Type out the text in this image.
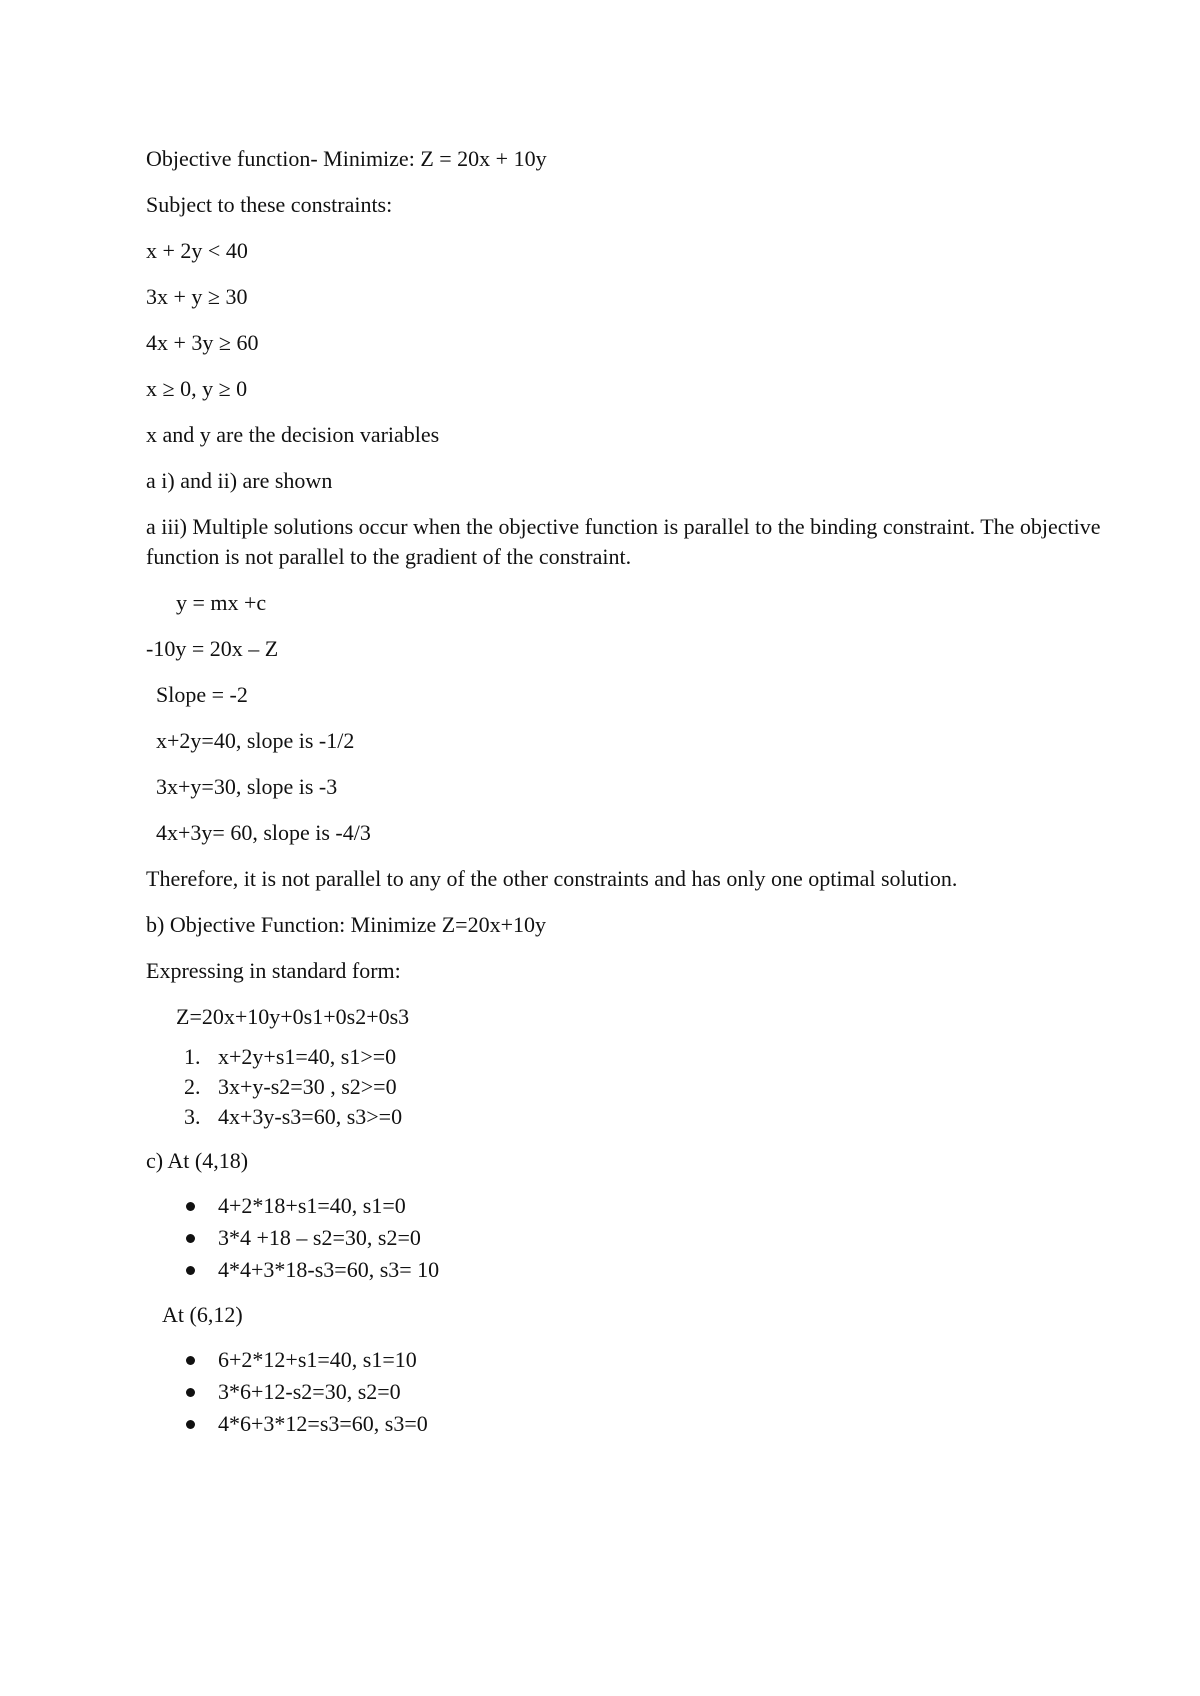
Objective function- Minimize: Z = 20x + 10y

Subject to these constraints:

x + 2y < 40

3x + y ≥ 30

4x + 3y ≥ 60

x ≥ 0, y ≥ 0

x and y are the decision variables

a i) and ii) are shown

a iii) Multiple solutions occur when the objective function is parallel to the binding constraint. The objective function is not parallel to the gradient of the constraint.

y = mx +c

-10y = 20x – Z

Slope = -2

x+2y=40, slope is -1/2

3x+y=30, slope is -3

4x+3y= 60, slope is -4/3

Therefore, it is not parallel to any of the other constraints and has only one optimal solution.

b) Objective Function: Minimize Z=20x+10y

Expressing in standard form:

Z=20x+10y+0s1+0s2+0s3

1. x+2y+s1=40, s1>=0
2. 3x+y-s2=30 , s2>=0
3. 4x+3y-s3=60, s3>=0

c) At (4,18)

4+2*18+s1=40, s1=0
3*4 +18 – s2=30, s2=0
4*4+3*18-s3=60, s3= 10

At (6,12)

6+2*12+s1=40, s1=10
3*6+12-s2=30, s2=0
4*6+3*12=s3=60, s3=0
